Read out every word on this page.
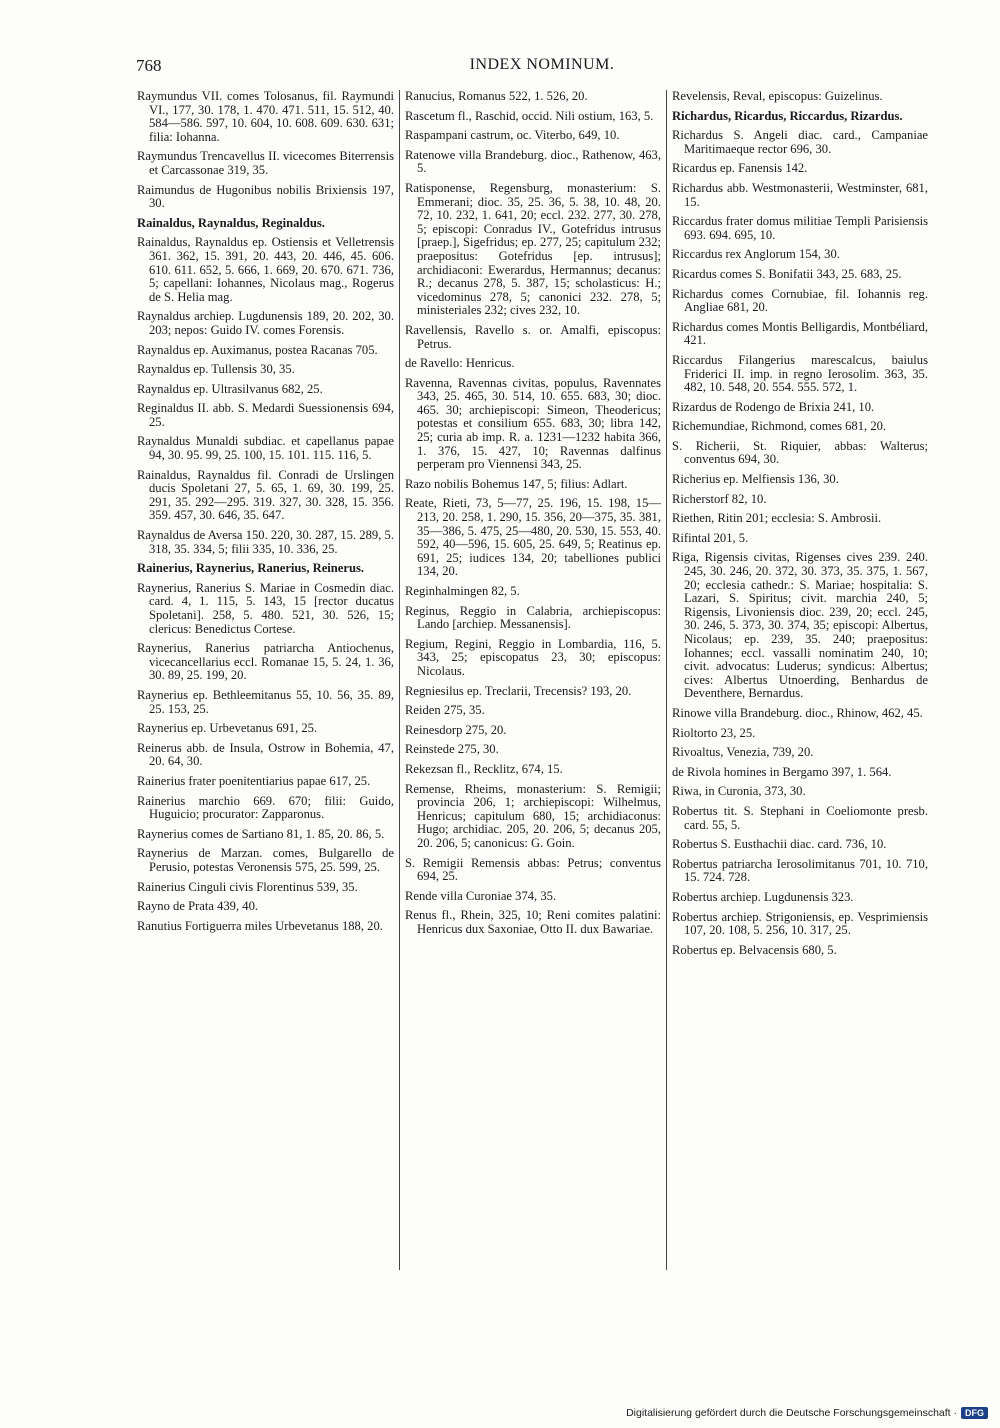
768	INDEX NOMINUM.

Raymundus VII. comes Tolosanus, fil. Raymundi VI., 177, 30. 178, 1. 470. 471. 511, 15. 512, 40. 584—586. 597, 10. 604, 10. 608. 609. 630. 631; filia: Iohanna.

Raymundus Trencavellus II. vicecomes Biterrensis et Carcassonae 319, 35.

Raimundus de Hugonibus nobilis Brixiensis 197, 30.

Rainaldus, Raynaldus, Reginaldus.

Rainaldus, Raynaldus ep. Ostiensis et Velletrensis 361. 362, 15. 391, 20. 443, 20. 446, 45. 606. 610. 611. 652, 5. 666, 1. 669, 20. 670. 671. 736, 5; capellani: Iohannes, Nicolaus mag., Rogerus de S. Helia mag.

Raynaldus archiep. Lugdunensis 189, 20. 202, 30. 203; nepos: Guido IV. comes Forensis.

Raynaldus ep. Auximanus, postea Racanas 705.

Raynaldus ep. Tullensis 30, 35.

Raynaldus ep. Ultrasilvanus 682, 25.

Reginaldus II. abb. S. Medardi Suessionensis 694, 25.

Raynaldus Munaldi subdiac. et capellanus papae 94, 30. 95. 99, 25. 100, 15. 101. 115. 116, 5.

Rainaldus, Raynaldus fil. Conradi de Urslingen ducis Spoletani 27, 5. 65, 1. 69, 30. 199, 25. 291, 35. 292—295. 319. 327, 30. 328, 15. 356. 359. 457, 30. 646, 35. 647.

Raynaldus de Aversa 150. 220, 30. 287, 15. 289, 5. 318, 35. 334, 5; filii 335, 10. 336, 25.

Rainerius, Raynerius, Ranerius, Reinerus.

Raynerius, Ranerius S. Mariae in Cosmedin diac. card. 4, 1. 115, 5. 143, 15 [rector ducatus Spoletani]. 258, 5. 480. 521, 30. 526, 15; clericus: Benedictus Cortese.

Raynerius, Ranerius patriarcha Antiochenus, vicecancellarius eccl. Romanae 15, 5. 24, 1. 36, 30. 89, 25. 199, 20.

Raynerius ep. Bethleemitanus 55, 10. 56, 35. 89, 25. 153, 25.

Raynerius ep. Urbevetanus 691, 25.

Reinerus abb. de Insula, Ostrow in Bohemia, 47, 20. 64, 30.

Rainerius frater poenitentiarius papae 617, 25.

Rainerius marchio 669. 670; filii: Guido, Huguicio; procurator: Zapparonus.

Raynerius comes de Sartiano 81, 1. 85, 20. 86, 5.

Raynerius de Marzan. comes, Bulgarello de Perusio, potestas Veronensis 575, 25. 599, 25.

Rainerius Cinguli civis Florentinus 539, 35.

Rayno de Prata 439, 40.

Ranutius Fortiguerra miles Urbevetanus 188, 20.

Ranucius, Romanus 522, 1. 526, 20.

Rascetum fl., Raschid, occid. Nili ostium, 163, 5.

Raspampani castrum, oc. Viterbo, 649, 10.

Ratenowe villa Brandeburg. dioc., Rathenow, 463, 5.

Ratisponense, Regensburg, monasterium: S. Emmerani; dioc. 35, 25. 36, 5. 38, 10. 48, 20. 72, 10. 232, 1. 641, 20; eccl. 232. 277, 30. 278, 5; episcopi: Conradus IV., Gotefridus intrusus [praep.], Sigefridus; ep. 277, 25; capitulum 232; praepositus: Gotefridus [ep. intrusus]; archidiaconi: Ewerardus, Hermannus; decanus: R.; decanus 278, 5. 387, 15; scholasticus: H.; vicedominus 278, 5; canonici 232. 278, 5; ministeriales 232; cives 232, 10.

Ravellensis, Ravello s. or. Amalfi, episcopus: Petrus.

de Ravello: Henricus.

Ravenna, Ravennas civitas, populus, Ravennates 343, 25. 465, 30. 514, 10. 655. 683, 30; dioc. 465. 30; archiepiscopi: Simeon, Theodericus; potestas et consilium 655. 683, 30; libra 142, 25; curia ab imp. R. a. 1231—1232 habita 366, 1. 376, 15. 427, 10; Ravennas dalfinus perperam pro Viennensi 343, 25.

Razo nobilis Bohemus 147, 5; filius: Adlart.

Reate, Rieti, 73, 5—77, 25. 196, 15. 198, 15—213, 20. 258, 1. 290, 15. 356, 20—375, 35. 381, 35—386, 5. 475, 25—480, 20. 530, 15. 553, 40. 592, 40—596, 15. 605, 25. 649, 5; Reatinus ep. 691, 25; iudices 134, 20; tabelliones publici 134, 20.

Reginhalmingen 82, 5.

Reginus, Reggio in Calabria, archiepiscopus: Lando [archiep. Messanensis].

Regium, Regini, Reggio in Lombardia, 116, 5. 343, 25; episcopatus 23, 30; episcopus: Nicolaus.

Regniesilus ep. Treclarii, Trecensis? 193, 20.

Reiden 275, 35.

Reinesdorp 275, 20.

Reinstede 275, 30.

Rekezsan fl., Recklitz, 674, 15.

Remense, Rheims, monasterium: S. Remigii; provincia 206, 1; archiepiscopi: Wilhelmus, Henricus; capitulum 680, 15; archidiaconus: Hugo; archidiac. 205, 20. 206, 5; decanus 205, 20. 206, 5; canonicus: G. Goin.

S. Remigii Remensis abbas: Petrus; conventus 694, 25.

Rende villa Curoniae 374, 35.

Renus fl., Rhein, 325, 10; Reni comites palatini: Henricus dux Saxoniae, Otto II. dux Bawariae.

Revelensis, Reval, episcopus: Guizelinus.

Richardus, Ricardus, Riccardus, Rizardus.

Richardus S. Angeli diac. card., Campaniae Maritimaeque rector 696, 30.

Ricardus ep. Fanensis 142.

Richardus abb. Westmonasterii, Westminster, 681, 15.

Riccardus frater domus militiae Templi Parisiensis 693. 694. 695, 10.

Riccardus rex Anglorum 154, 30.

Ricardus comes S. Bonifatii 343, 25. 683, 25.

Richardus comes Cornubiae, fil. Iohannis reg. Angliae 681, 20.

Richardus comes Montis Belligardis, Montbéliard, 421.

Riccardus Filangerius marescalcus, baiulus Friderici II. imp. in regno Ierosolim. 363, 35. 482, 10. 548, 20. 554. 555. 572, 1.

Rizardus de Rodengo de Brixia 241, 10.

Richemundiae, Richmond, comes 681, 20.

S. Richerii, St. Riquier, abbas: Walterus; conventus 694, 30.

Richerius ep. Melfiensis 136, 30.

Richerstorf 82, 10.

Riethen, Ritin 201; ecclesia: S. Ambrosii.

Rifintal 201, 5.

Riga, Rigensis civitas, Rigenses cives 239. 240. 245, 30. 246, 20. 372, 30. 373, 35. 375, 1. 567, 20; ecclesia cathedr.: S. Mariae; hospitalia: S. Lazari, S. Spiritus; civit. marchia 240, 5; Rigensis, Livoniensis dioc. 239, 20; eccl. 245, 30. 246, 5. 373, 30. 374, 35; episcopi: Albertus, Nicolaus; ep. 239, 35. 240; praepositus: Iohannes; eccl. vassalli nominatim 240, 10; civit. advocatus: Luderus; syndicus: Albertus; cives: Albertus Utnoerding, Benhardus de Deventhere, Bernardus.

Rinowe villa Brandeburg. dioc., Rhinow, 462, 45.

Rioltorto 23, 25.

Rivoaltus, Venezia, 739, 20.

de Rivola homines in Bergamo 397, 1. 564.

Riwa, in Curonia, 373, 30.

Robertus tit. S. Stephani in Coeliomonte presb. card. 55, 5.

Robertus S. Eusthachii diac. card. 736, 10.

Robertus patriarcha Ierosolimitanus 701, 10. 710, 15. 724. 728.

Robertus archiep. Lugdunensis 323.

Robertus archiep. Strigoniensis, ep. Vesprimiensis 107, 20. 108, 5. 256, 10. 317, 25.

Robertus ep. Belvacensis 680, 5.

Digitalisierung gefördert durch die Deutsche Forschungsgemeinschaft · DFG
